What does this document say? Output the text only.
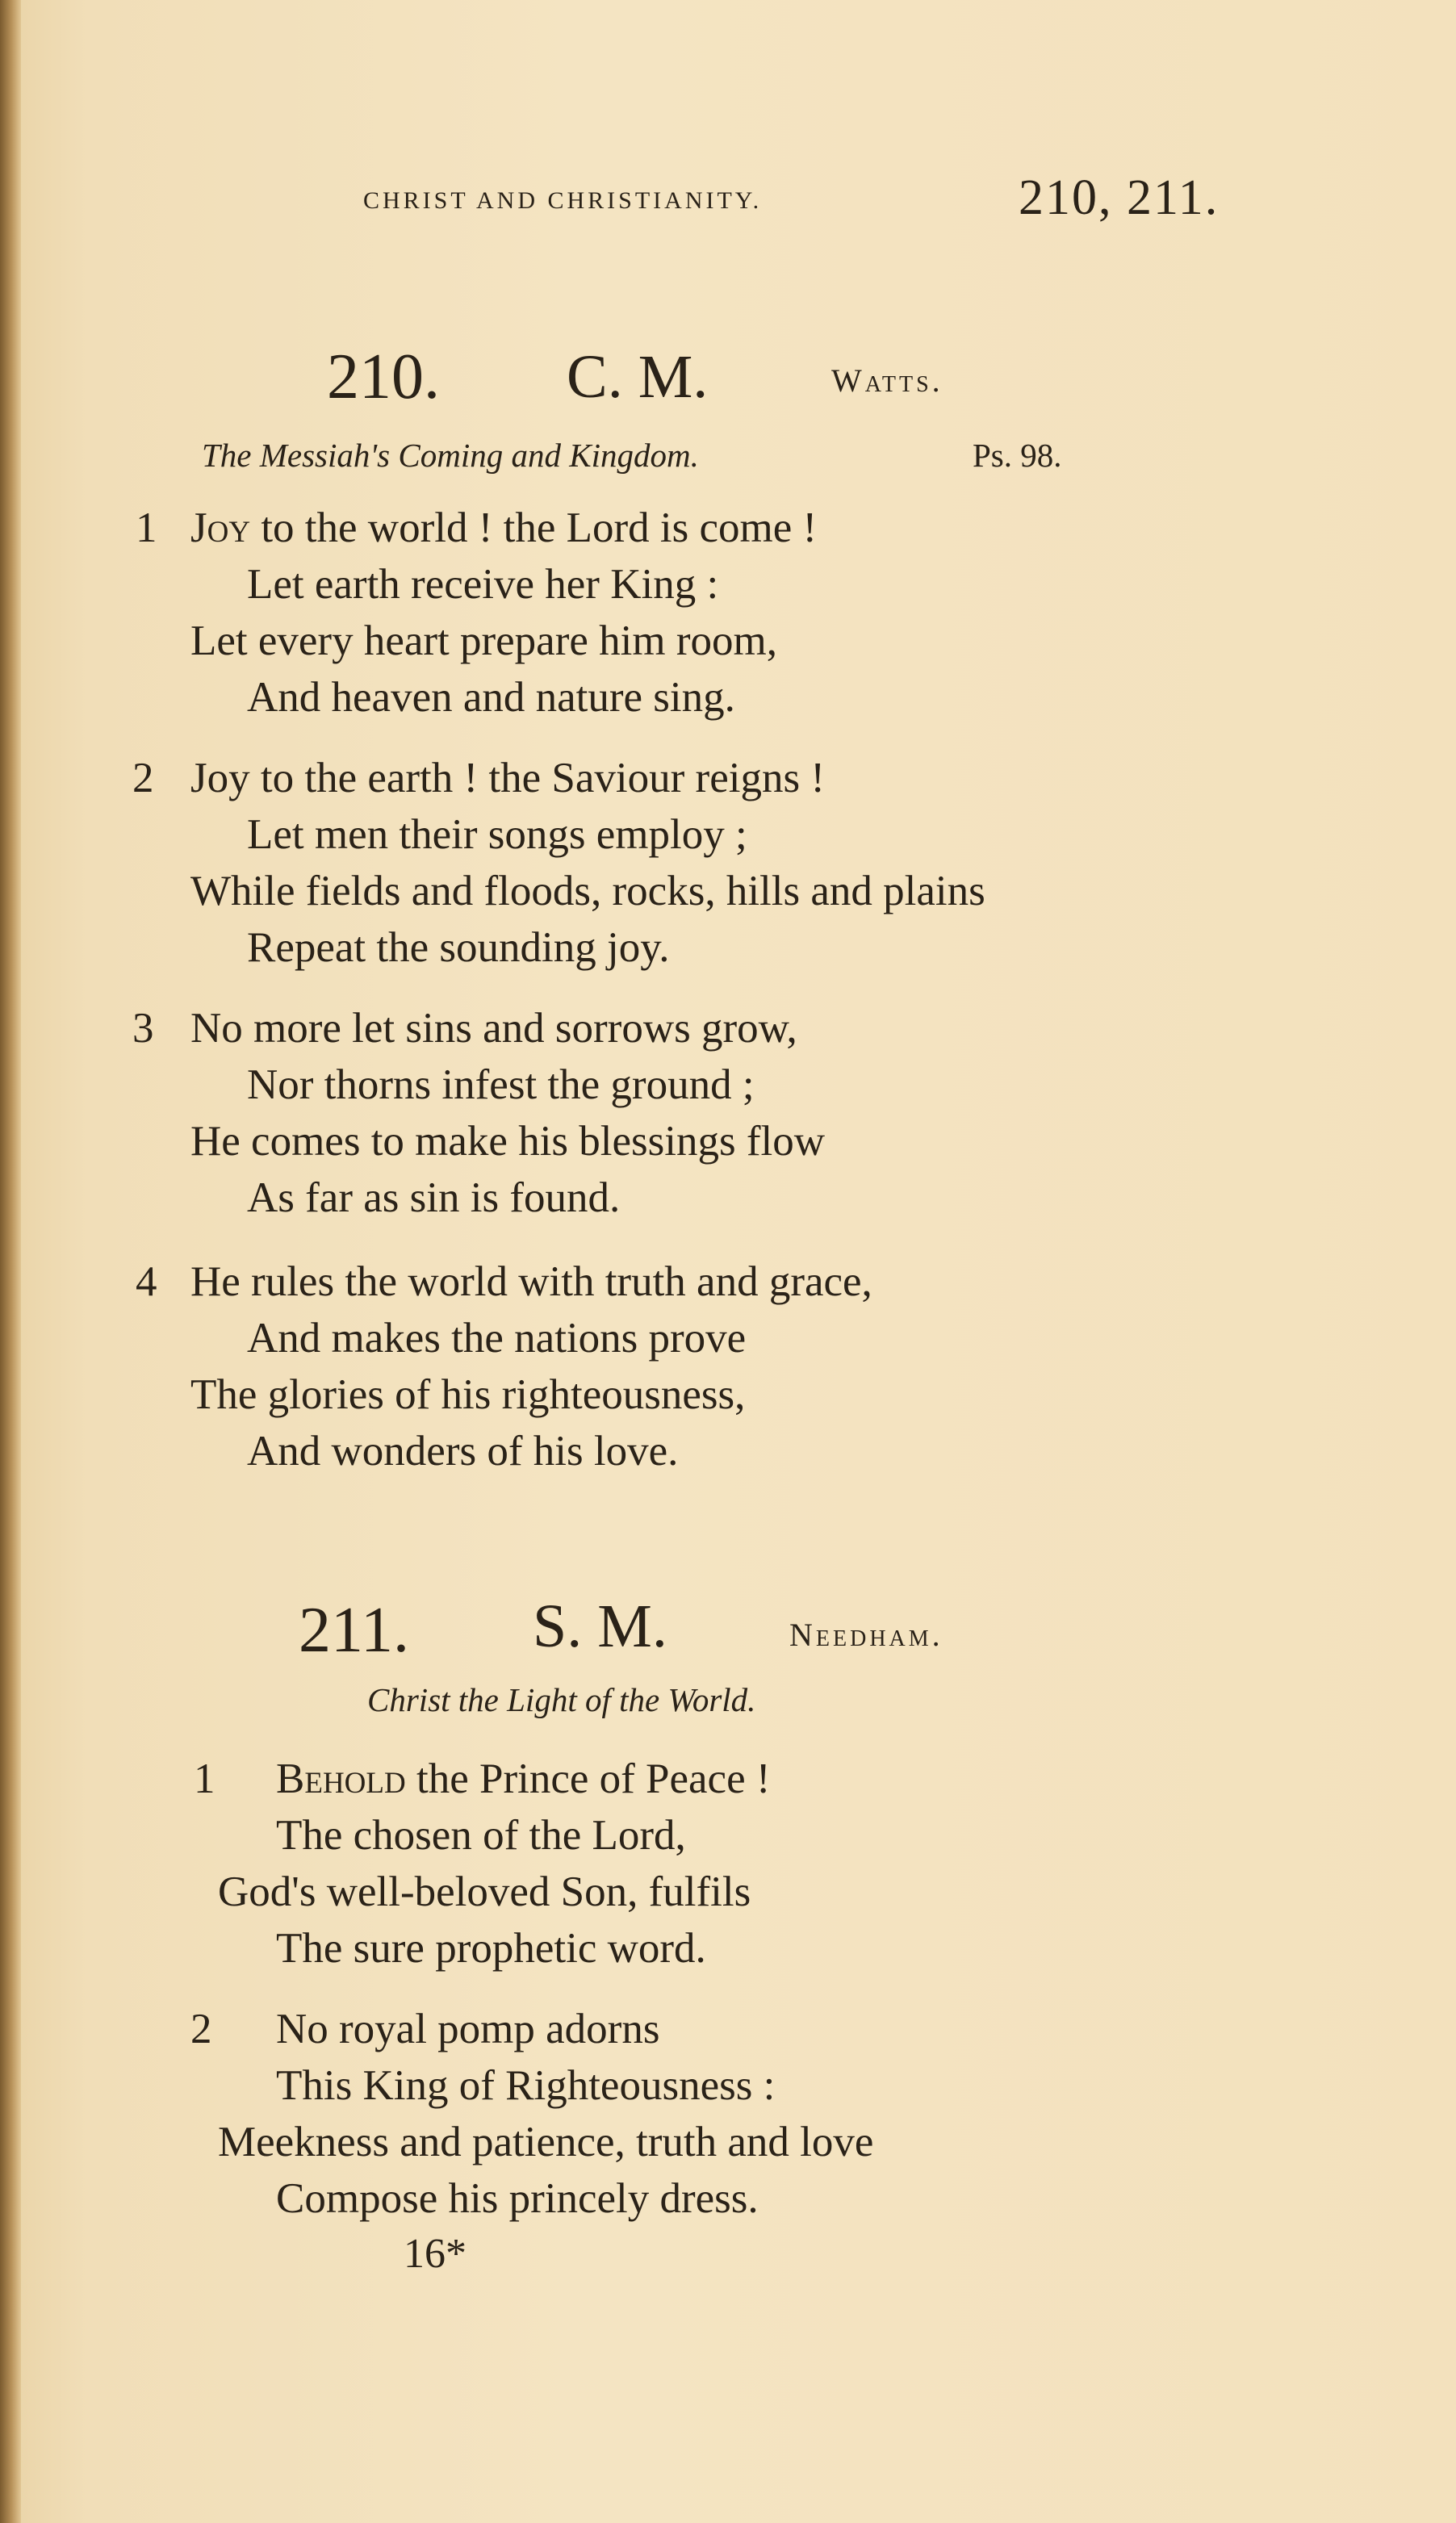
CHRIST AND CHRISTIANITY.	210, 211.
210. C. M.	Watts.
The Messiah's Coming and Kingdom.	Ps. 98.
1 Joy to the world ! the Lord is come !
Let earth receive her King :
Let every heart prepare him room,
And heaven and nature sing.
2 Joy to the earth ! the Saviour reigns !
Let men their songs employ ;
While fields and floods, rocks, hills and plains
Repeat the sounding joy.
3 No more let sins and sorrows grow,
Nor thorns infest the ground ;
He comes to make his blessings flow
As far as sin is found.
4 He rules the world with truth and grace,
And makes the nations prove
The glories of his righteousness,
And wonders of his love.
211. S. M.	Needham.
Christ the Light of the World.
1 Behold the Prince of Peace !
The chosen of the Lord,
God's well-beloved Son, fulfils
The sure prophetic word.
2 No royal pomp adorns
This King of Righteousness :
Meekness and patience, truth and love
Compose his princely dress.
16*
